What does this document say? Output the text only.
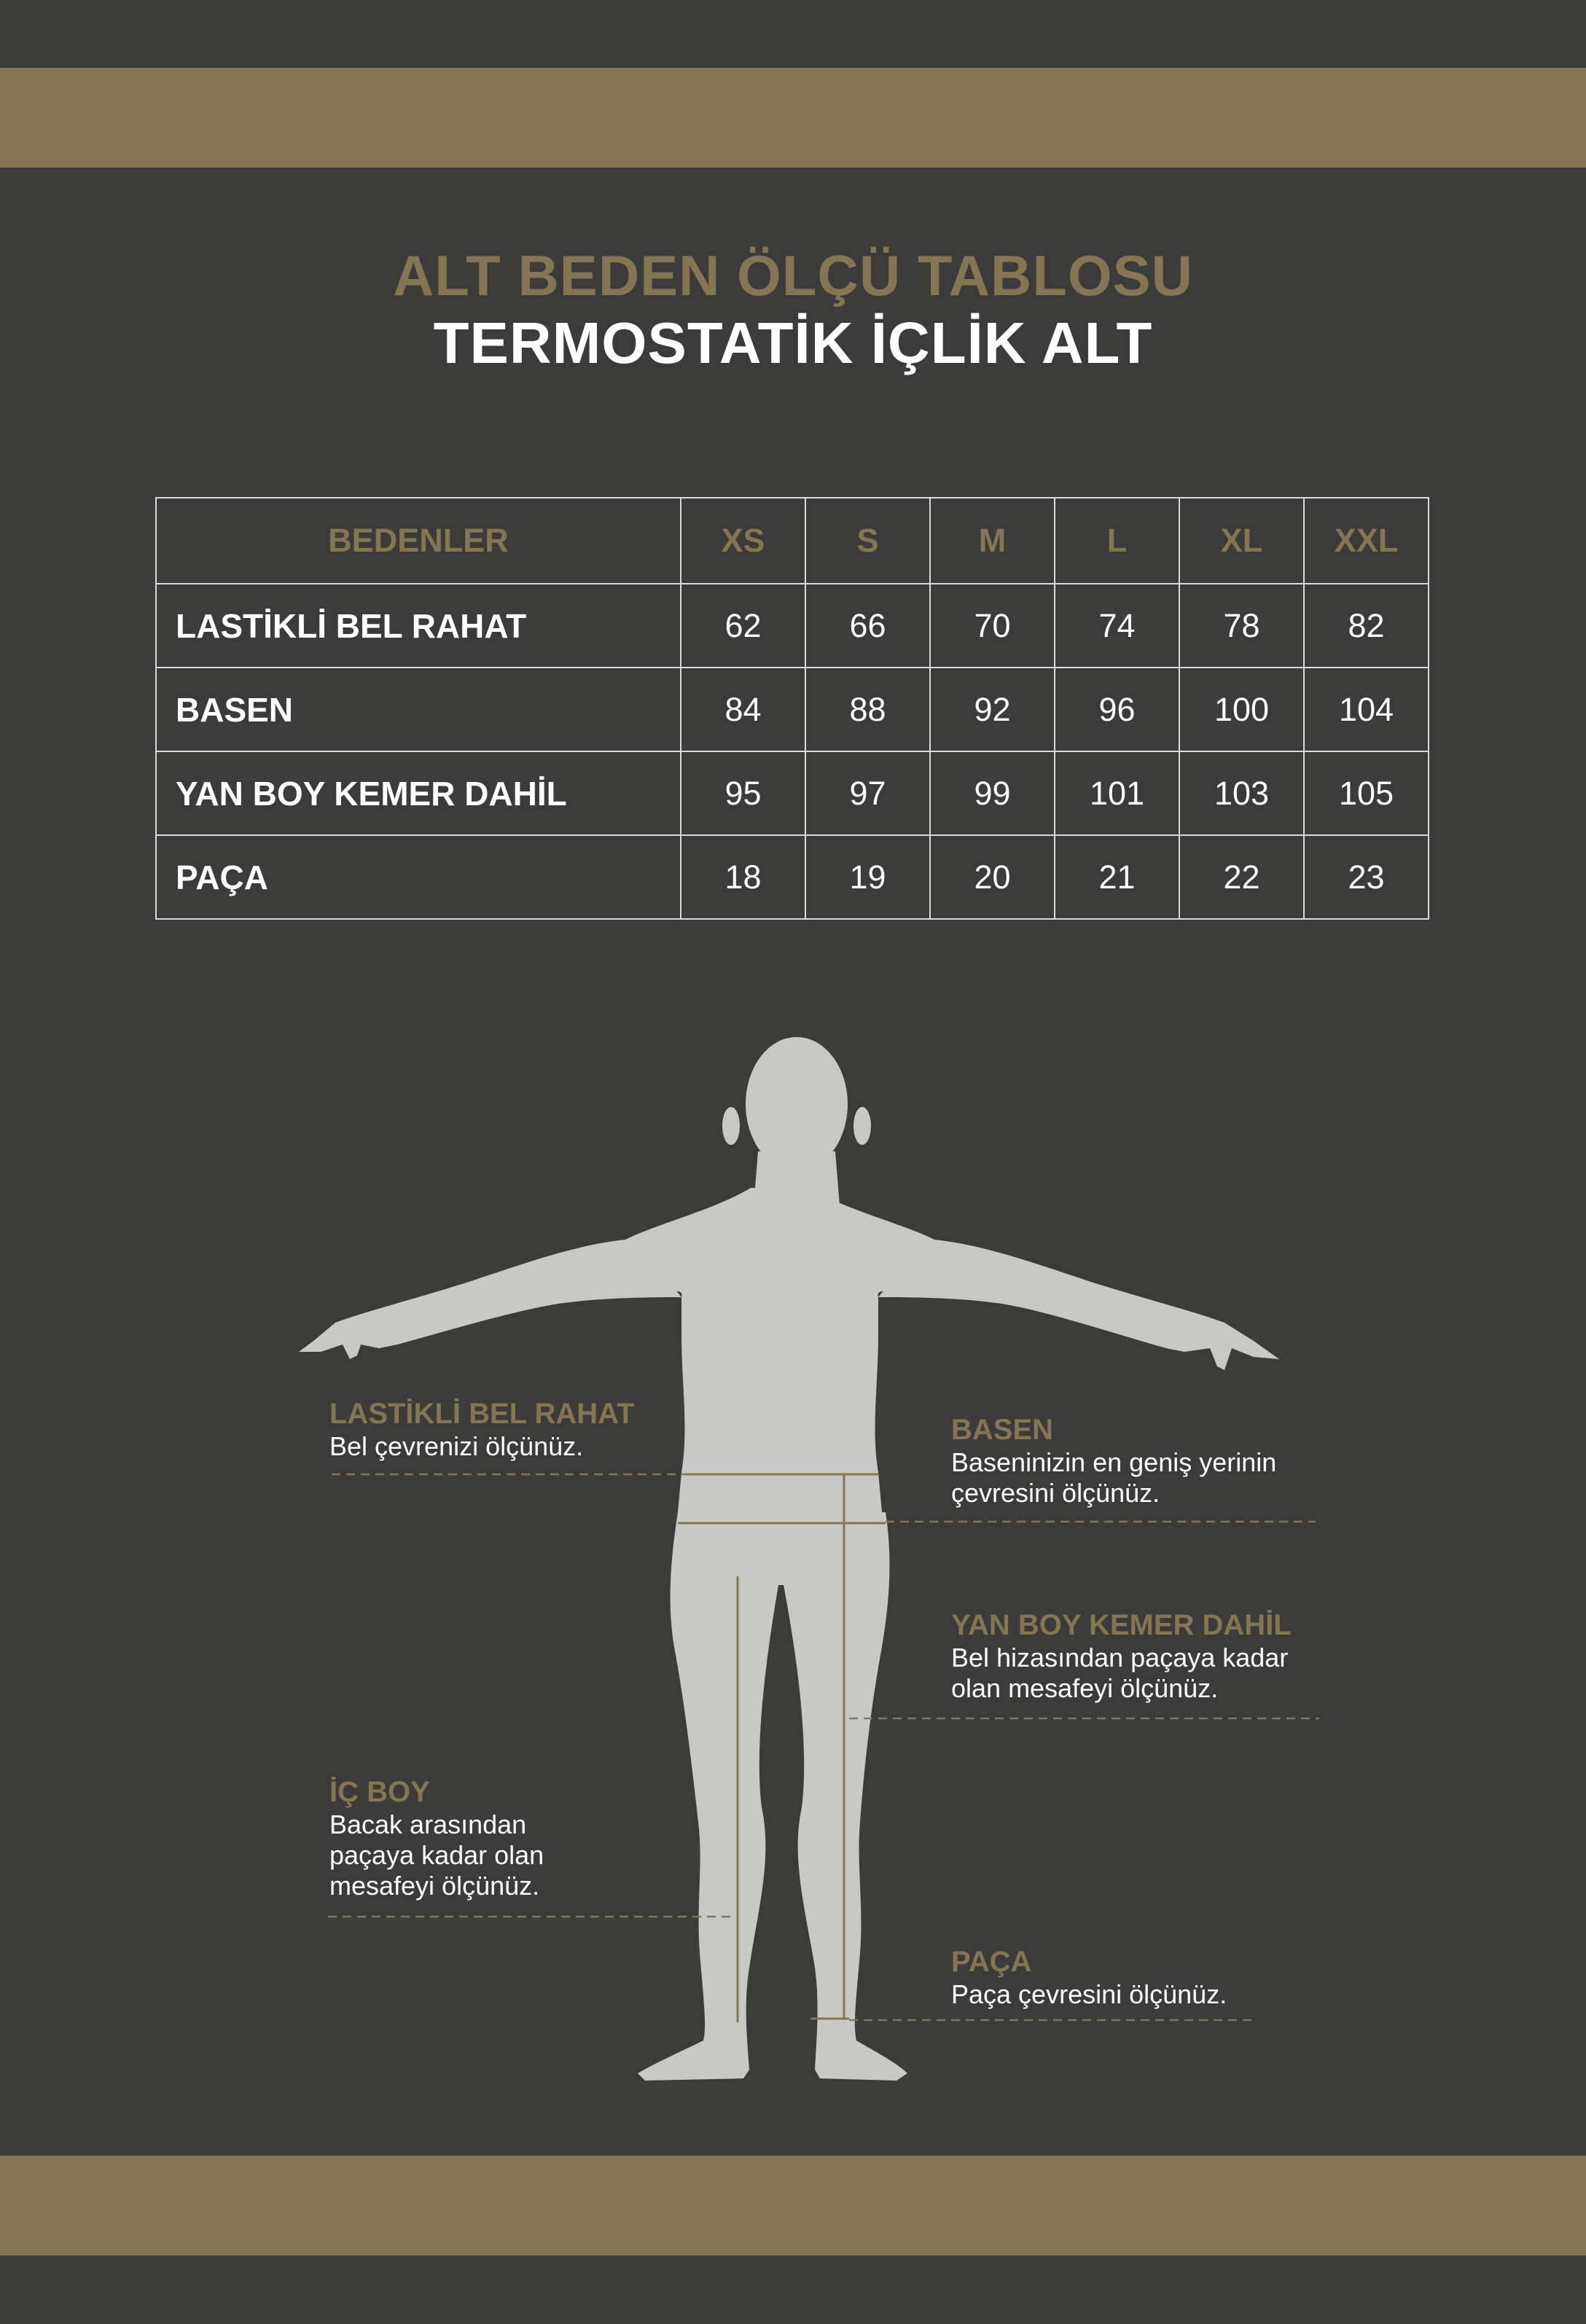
ALT BEDEN ÖLÇÜ TABLOSU
TERMOSTATİK İÇLİK ALT
BEDENLER	XS	S	M	L	XL	XXL
LASTİKLİ BEL RAHAT	62	66	70	74	78	82
BASEN	84	88	92	96	100	104
YAN BOY KEMER DAHİL	95	97	99	101	103	105
PAÇA	18	19	20	21	22	23
LASTİKLİ BEL RAHAT
Bel çevrenizi ölçünüz.
BASEN
Baseninizin en geniş yerinin
çevresini ölçünüz.
YAN BOY KEMER DAHİL
Bel hizasından paçaya kadar
olan mesafeyi ölçünüz.
İÇ BOY
Bacak arasından
paçaya kadar olan
mesafeyi ölçünüz.
PAÇA
Paça çevresini ölçünüz.
